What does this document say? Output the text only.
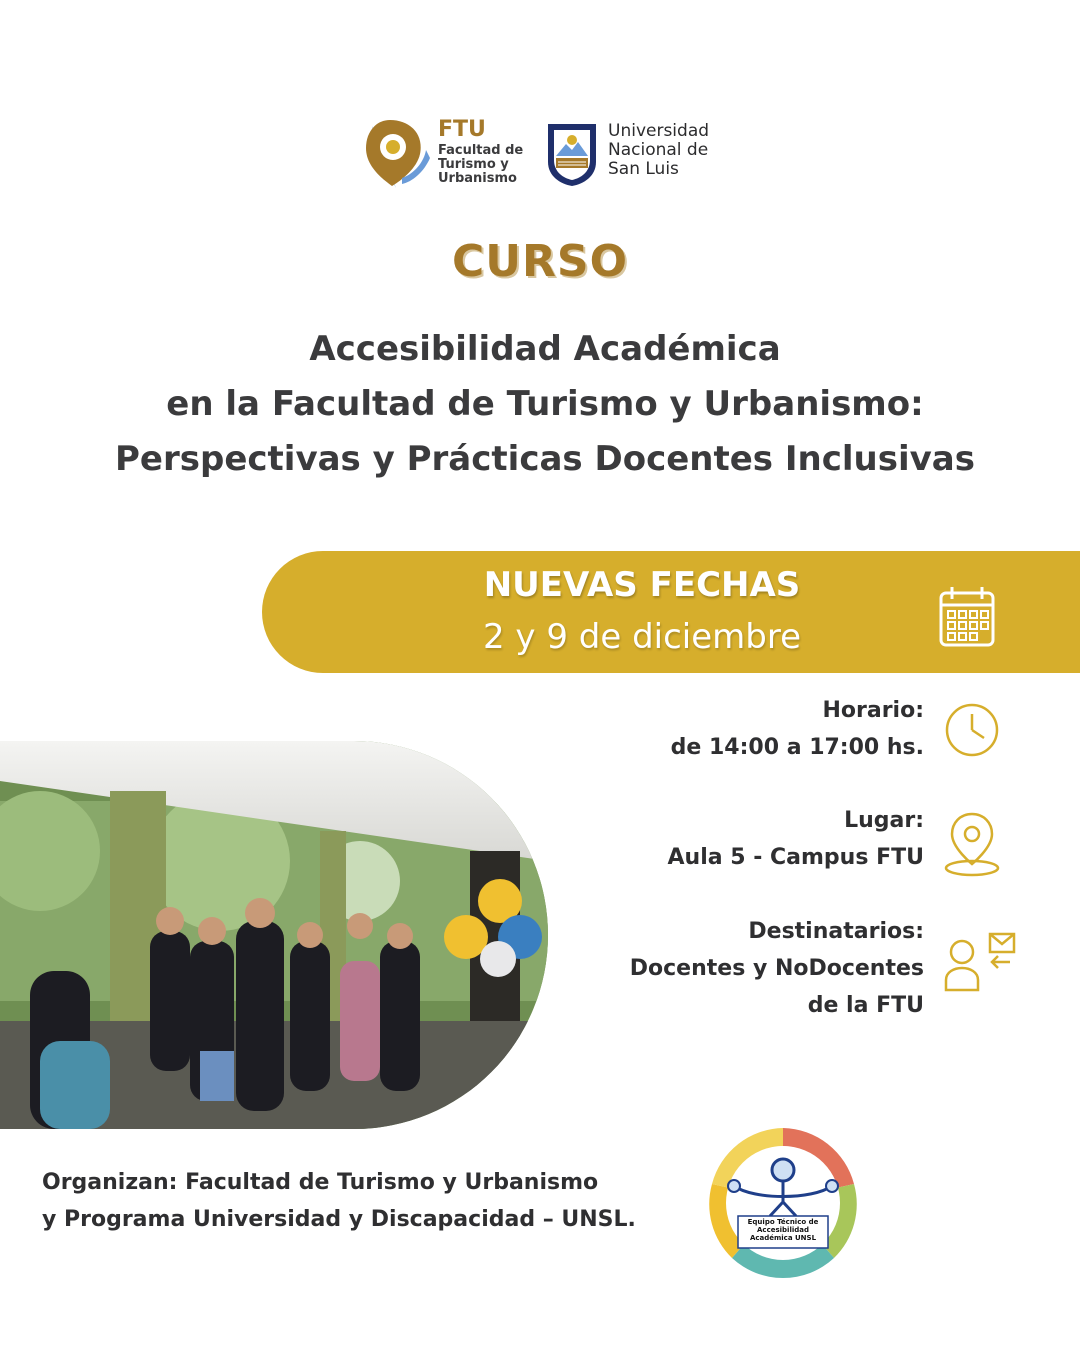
FTU
Facultad de Turismo y Urbanismo
Universidad Nacional de San Luis
CURSO
Accesibilidad Académica
en la Facultad de Turismo y Urbanismo:
Perspectivas y Prácticas Docentes Inclusivas
NUEVAS FECHAS
2 y 9 de diciembre
Horario:
de 14:00 a 17:00 hs.
Lugar:
Aula 5 - Campus FTU
Destinatarios:
Docentes y NoDocentes
de la FTU
Organizan: Facultad de Turismo y Urbanismo
y Programa Universidad y Discapacidad – UNSL.	Equipo Técnico de Accesibilidad Académica UNSL
